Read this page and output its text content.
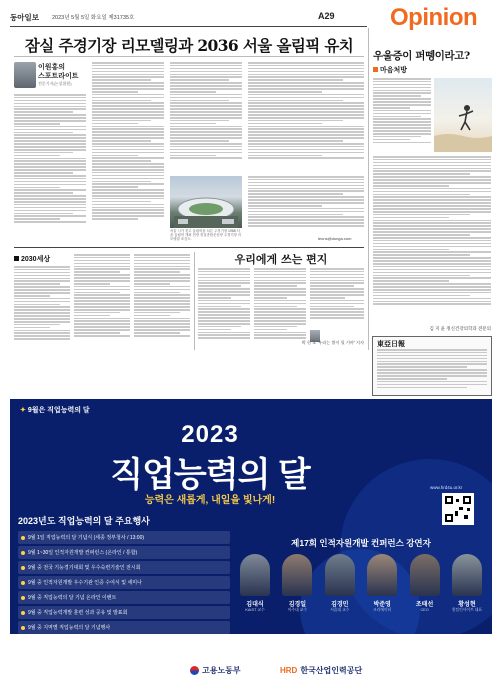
동아일보 2023년 5월 5일 화요일 제31735호	A29 Opinion
잠실 주경기장 리모델링과 2036 서울 올림픽 유치
이원홍의
스포트라이트
전문기자(논설위원)
서울 시가 짓고 올림픽을 치른 주경기장 1988 서울 올림픽 개최 현장 잠실종합운동장 주경기장 리모델링 조감도.	leons@donga.com
2030세상	우리에게 쓰는 편지
박 헌 호 '우리는 별이 될 거야' 저자
우울증이 퍼뗑이라고?
마음처방
김 지 윤 정신건강의학과 전문의
東亞日報
✦ 9월은 직업능력의 달
2023
직업능력의 달
능력은 새롭게, 내일을 빛나게!
www.hrd4u.or.kr
2023년도 직업능력의 달 주요행사
9월 1일 직업능력의 달 기념식 (세종 정부청사 / 13:00)
9월 1~30일 인적자원개발 컨퍼런스 (온라인 / 통합)
9월 중 전국 기능경기대회 및 우수숙련기술인 전시회
9월 중 인적자원개발 우수기관 인증 수여식 및 세미나
9월 중 직업능력의 달 기념 온라인 이벤트
9월 중 직업능력개발 훈련 성과 공유 및 발표회
9월 중 지역별 직업능력의 달 기념행사
제17회 인적자원개발 컨퍼런스 강연자
김대식
KAIST 교수
김경일
아주대 교수
김경민
서울대 교수
박준영
크리에이터
조태선
CEO
황성현
퀀텀인사이트 대표
고용노동부	HRD 한국산업인력공단
